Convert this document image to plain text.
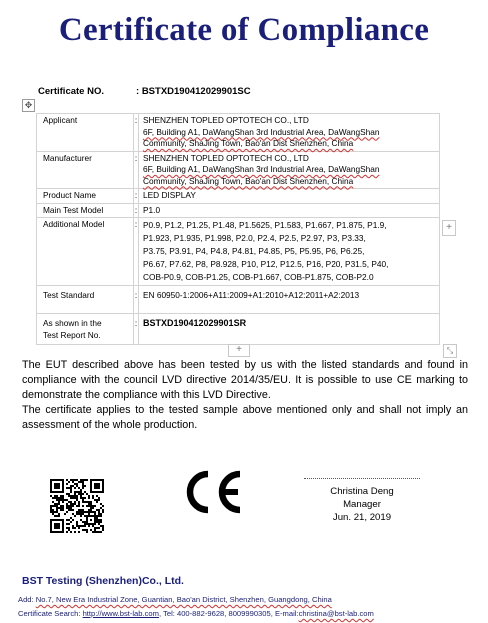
Certificate of Compliance
Certificate NO.	: BSTXD190412029901SC
✥
Applicant	:	SHENZHEN TOPLED OPTOTECH CO., LTD
6F, Building A1, DaWangShan 3rd Industrial Area, DaWangShan
Community, ShaJing Town, Bao'an Dist Shenzhen, China

Manufacturer	:	SHENZHEN TOPLED OPTOTECH CO., LTD
6F, Building A1, DaWangShan 3rd Industrial Area, DaWangShan
Community, ShaJing Town, Bao'an Dist Shenzhen, China

Product Name	:	LED DISPLAY
Main Test Model	:	P1.0
Additional Model	:	P0.9, P1.2, P1.25, P1.48, P1.5625, P1.583, P1.667, P1.875, P1.9,
P1.923, P1.935, P1.998, P2.0, P2.4, P2.5, P2.97, P3, P3.33,
P3.75, P3.91, P4, P4.8, P4.81, P4.85, P5, P5.95, P6, P6.25,
P6.67, P7.62, P8, P8.928, P10, P12, P12.5, P16, P20, P31.5, P40,
COB-P0.9, COB-P1.25, COB-P1.667, COB-P1.875, COB-P2.0

Test Standard	:	EN 60950-1:2006+A11:2009+A1:2010+A12:2011+A2:2013

As shown in the
Test Report No.	:	BSTXD190412029901SR
+
+	⤡

The EUT described above has been tested by us with the listed standards and found in compliance with the council LVD directive 2014/35/EU. It is possible to use CE marking to demonstrate the compliance with this LVD Directive.

The certificate applies to the tested sample above mentioned only and shall not imply an assessment of the whole production.

Christina Deng
Manager
Jun. 21, 2019
BST Testing (Shenzhen)Co., Ltd.
Add: No.7, New Era Industrial Zone, Guantian, Bao'an District, Shenzhen, Guangdong, China
Certificate Search: http://www.bst-lab.com, Tel: 400-882-9628, 8009990305, E-mail:christina@bst-lab.com
